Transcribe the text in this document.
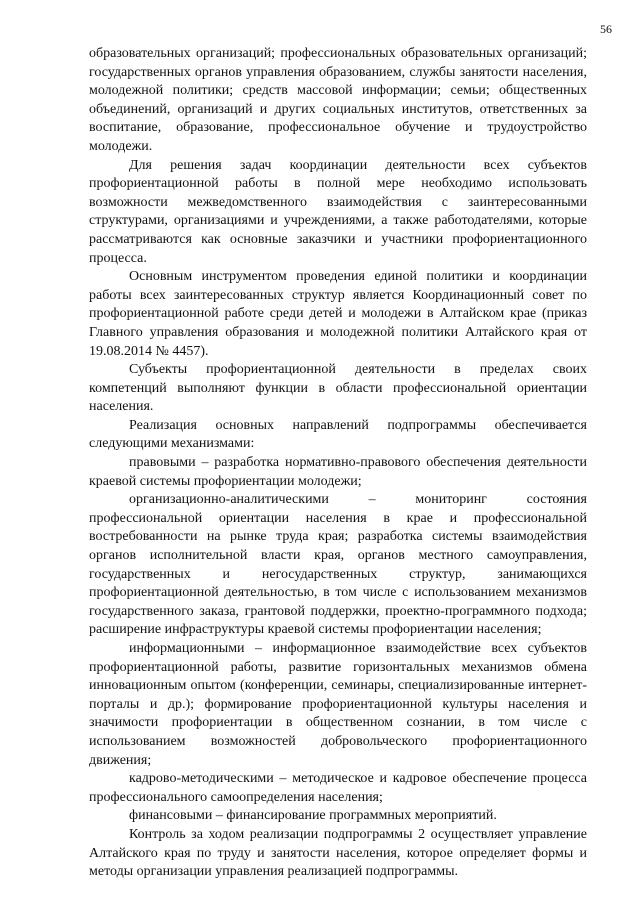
56

образовательных организаций; профессиональных образовательных организаций; государственных органов управления образованием, службы занятости населения, молодежной политики; средств массовой информации; семьи; общественных объединений, организаций и других социальных институтов, ответственных за воспитание, образование, профессиональное обучение и трудоустройство молодежи.

Для решения задач координации деятельности всех субъектов профориентационной работы в полной мере необходимо использовать возможности межведомственного взаимодействия с заинтересованными структурами, организациями и учреждениями, а также работодателями, которые рассматриваются как основные заказчики и участники профориентационного процесса.

Основным инструментом проведения единой политики и координации работы всех заинтересованных структур является Координационный совет по профориентационной работе среди детей и молодежи в Алтайском крае (приказ Главного управления образования и молодежной политики Алтайского края от 19.08.2014 № 4457).

Субъекты профориентационной деятельности в пределах своих компетенций выполняют функции в области профессиональной ориентации населения.

Реализация основных направлений подпрограммы обеспечивается следующими механизмами:

правовыми – разработка нормативно-правового обеспечения деятельности краевой системы профориентации молодежи;

организационно-аналитическими – мониторинг состояния профессиональной ориентации населения в крае и профессиональной востребованности на рынке труда края; разработка системы взаимодействия органов исполнительной власти края, органов местного самоуправления, государственных и негосударственных структур, занимающихся профориентационной деятельностью, в том числе с использованием механизмов государственного заказа, грантовой поддержки, проектно-программного подхода; расширение инфраструктуры краевой системы профориентации населения;

информационными – информационное взаимодействие всех субъектов профориентационной работы, развитие горизонтальных механизмов обмена инновационным опытом (конференции, семинары, специализированные интернет-порталы и др.); формирование профориентационной культуры населения и значимости профориентации в общественном сознании, в том числе с использованием возможностей добровольческого профориентационного движения;

кадрово-методическими – методическое и кадровое обеспечение процесса профессионального самоопределения населения;

финансовыми – финансирование программных мероприятий.

Контроль за ходом реализации подпрограммы 2 осуществляет управление Алтайского края по труду и занятости населения, которое определяет формы и методы организации управления реализацией подпрограммы.
